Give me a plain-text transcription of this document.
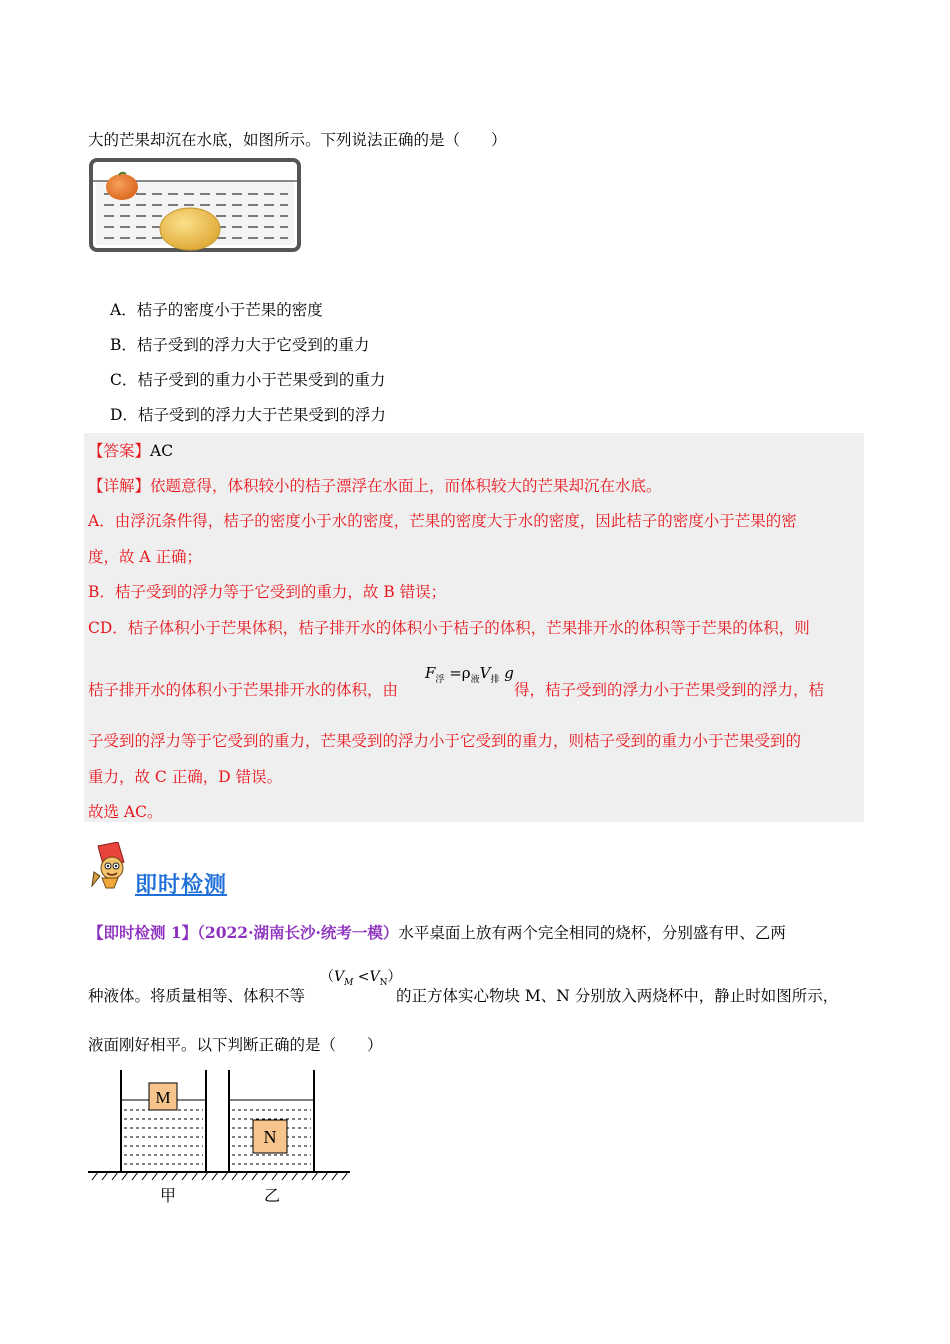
大的芒果却沉在水底，如图所示。下列说法正确的是（　　）
A．桔子的密度小于芒果的密度
B．桔子受到的浮力大于它受到的重力
C．桔子受到的重力小于芒果受到的重力
D．桔子受到的浮力大于芒果受到的浮力
【答案】AC
【详解】依题意得，体积较小的桔子漂浮在水面上，而体积较大的芒果却沉在水底。
A．由浮沉条件得，桔子的密度小于水的密度，芒果的密度大于水的密度，因此桔子的密度小于芒果的密
度，故 A 正确；
B．桔子受到的浮力等于它受到的重力，故 B 错误；
CD．桔子体积小于芒果体积，桔子排开水的体积小于桔子的体积，芒果排开水的体积等于芒果的体积，则
桔子排开水的体积小于芒果排开水的体积，由
$F_浮 =\rho_液V_排$ g
得，桔子受到的浮力小于芒果受到的浮力，桔
子受到的浮力等于它受到的重力，芒果受到的浮力小于它受到的重力，则桔子受到的重力小于芒果受到的
重力，故 C 正确，D 错误。
故选 AC。
即时检测
【即时检测 1】（2022·湖南长沙·统考一模）水平桌面上放有两个完全相同的烧杯，分别盛有甲、乙两
种液体。将质量相等、体积不等
$(V_M <V_N)$
的正方体实心物块 M、N 分别放入两烧杯中，静止时如图所示，
液面刚好相平。以下判断正确的是（　　）
M
N
甲	乙
